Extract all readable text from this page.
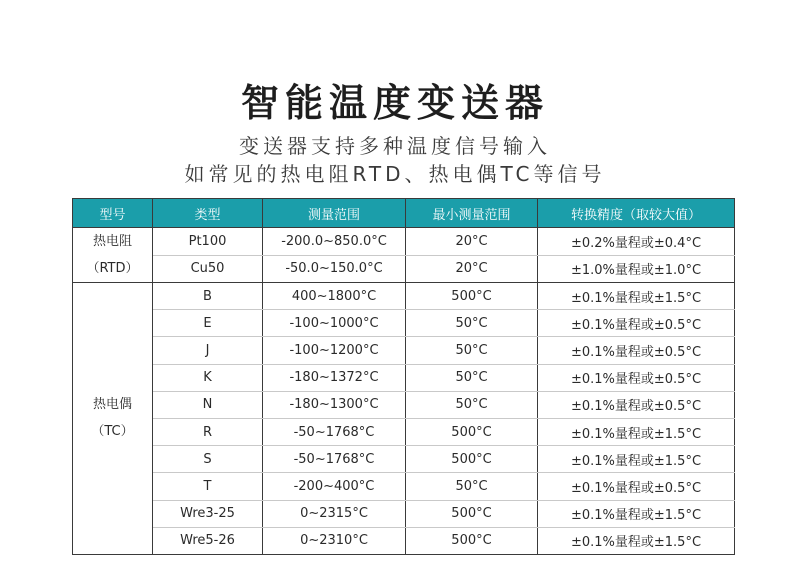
智能温度变送器
变送器支持多种温度信号输入
如常见的热电阻RTD、热电偶TC等信号
型号	类型	测量范围	最小测量范围	转换精度（取较大值）

热电阻
（RTD）	Pt100	-200.0~850.0°C	20°C	±0.2%量程或±0.4°C
	Cu50	-50.0~150.0°C	20°C	±1.0%量程或±1.0°C

热电偶
（TC）	B	400~1800°C	500°C	±0.1%量程或±1.5°C
	E	-100~1000°C	50°C	±0.1%量程或±0.5°C
	J	-100~1200°C	50°C	±0.1%量程或±0.5°C
	K	-180~1372°C	50°C	±0.1%量程或±0.5°C
	N	-180~1300°C	50°C	±0.1%量程或±0.5°C
	R	-50~1768°C	500°C	±0.1%量程或±1.5°C
	S	-50~1768°C	500°C	±0.1%量程或±1.5°C
	T	-200~400°C	50°C	±0.1%量程或±0.5°C
	Wre3-25	0~2315°C	500°C	±0.1%量程或±1.5°C
	Wre5-26	0~2310°C	500°C	±0.1%量程或±1.5°C
